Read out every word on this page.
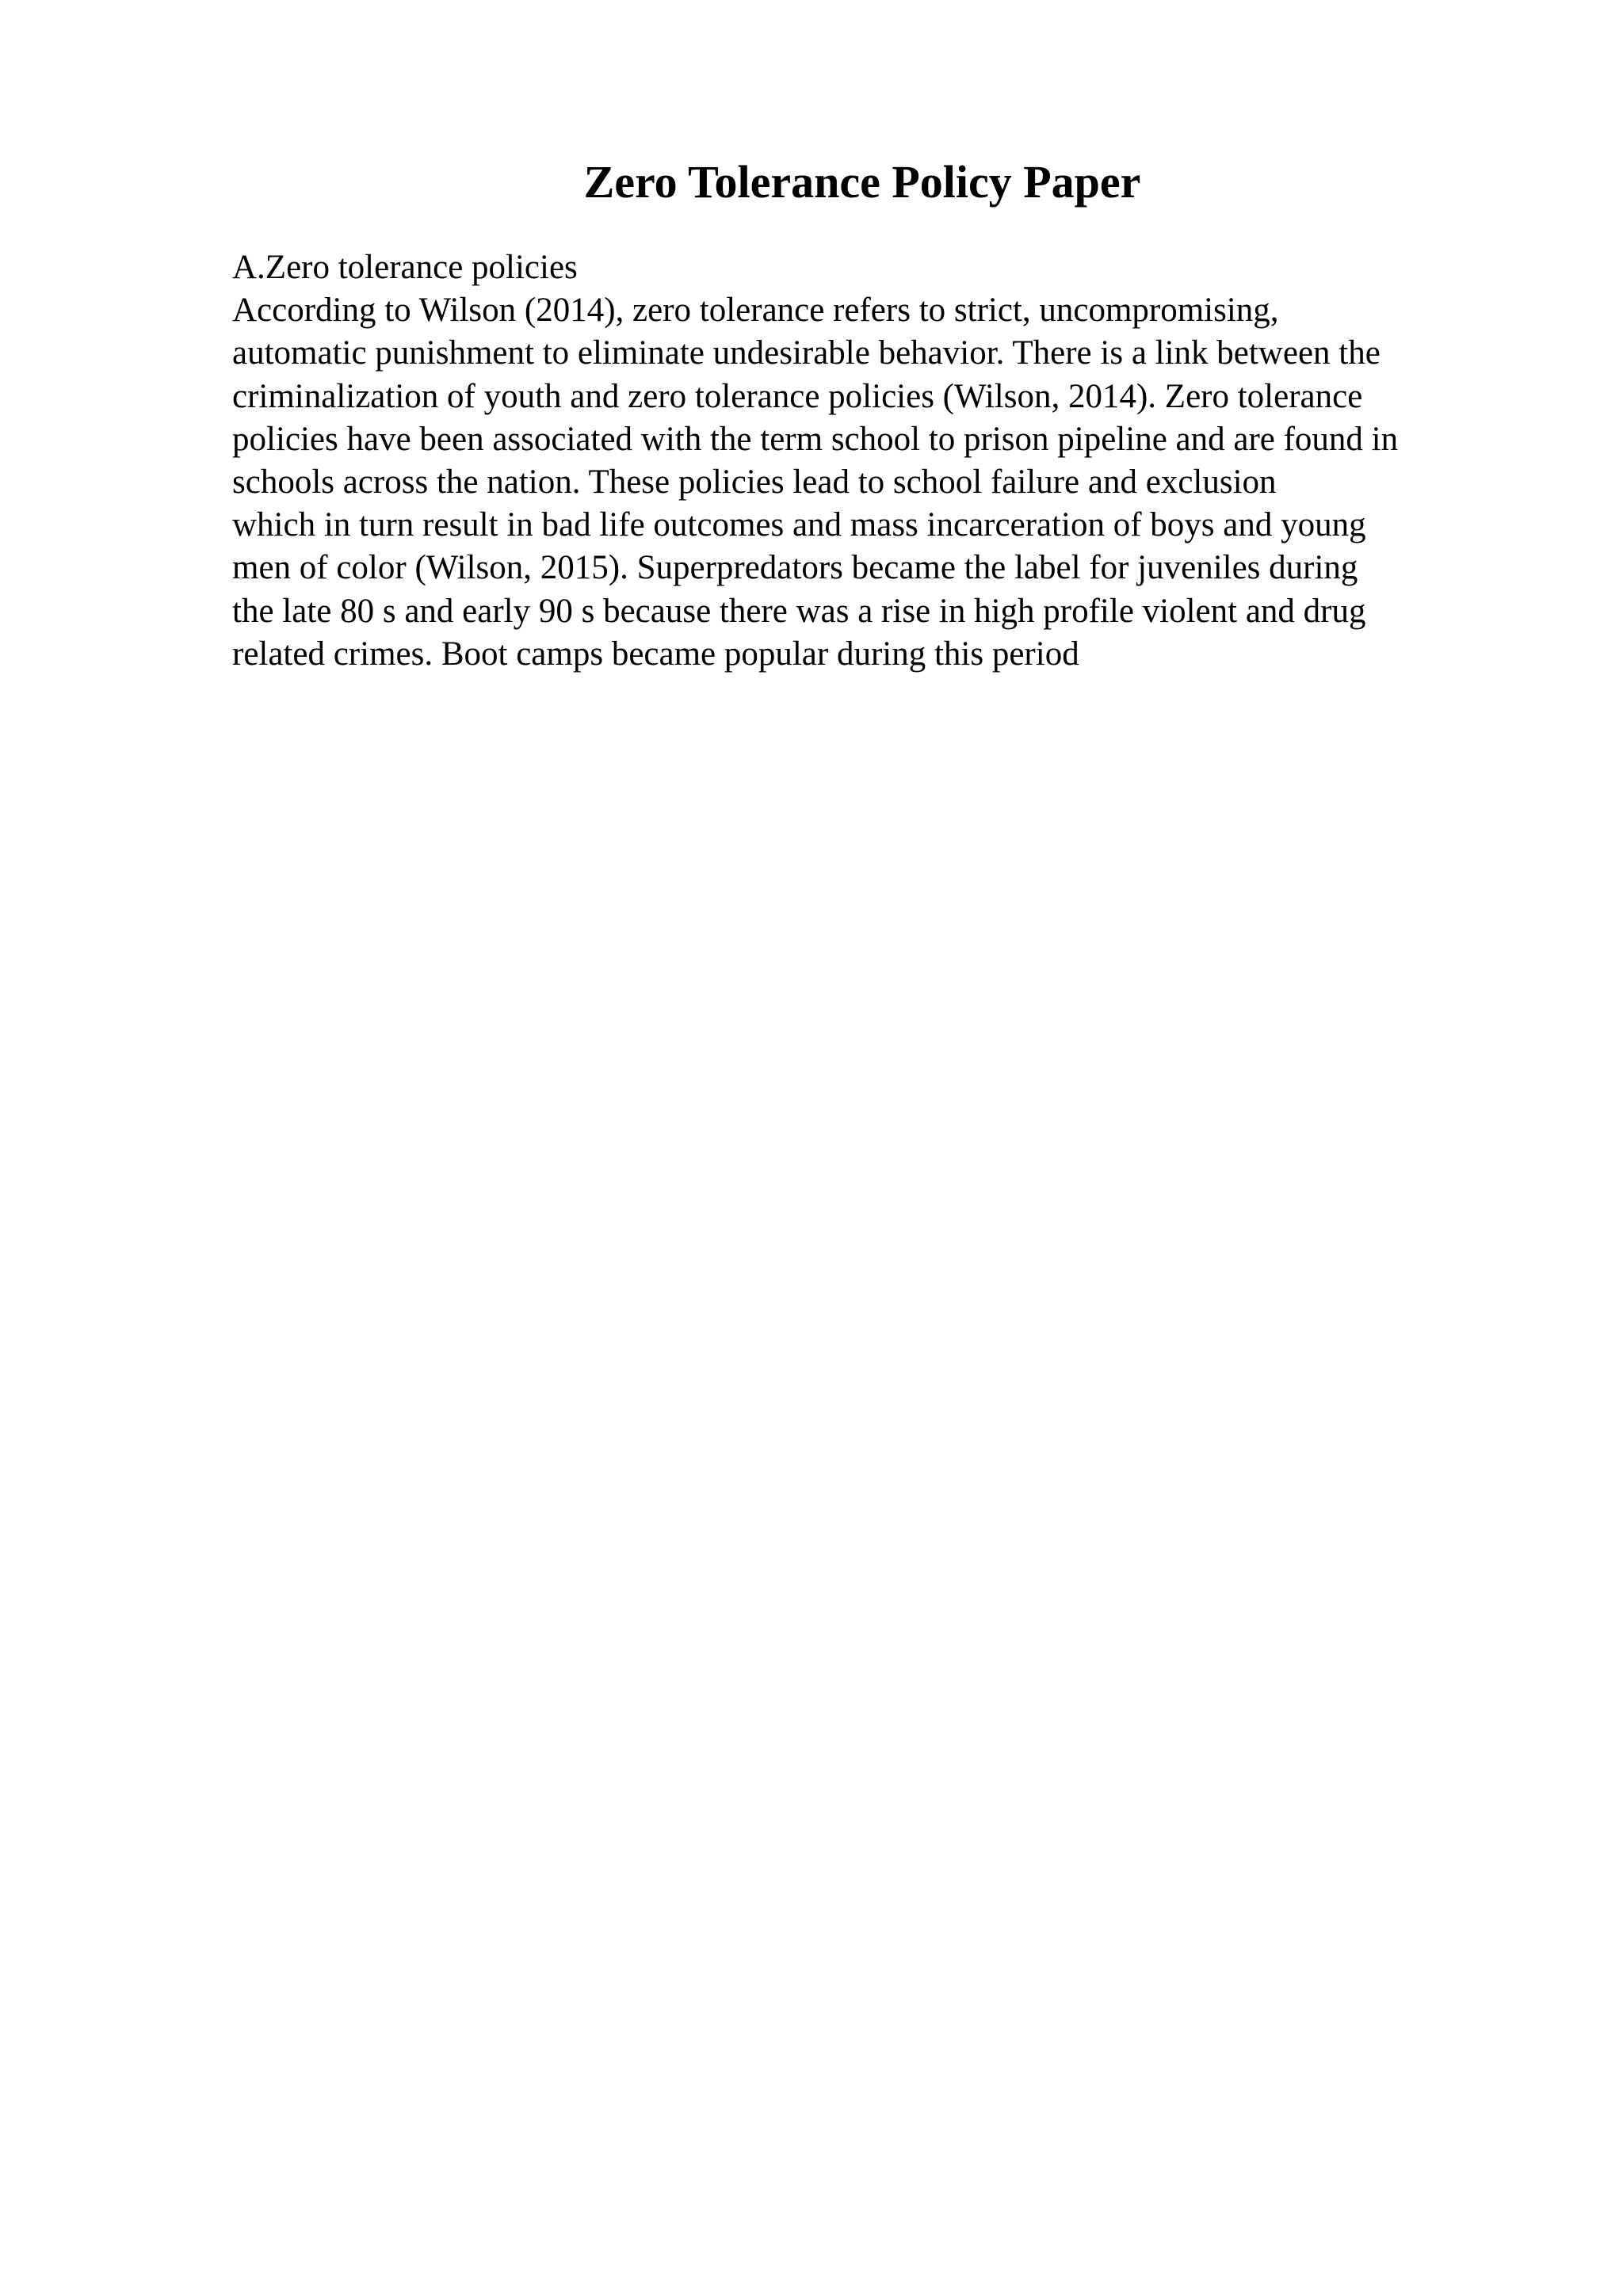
Zero Tolerance Policy Paper
A.Zero tolerance policies
According to Wilson (2014), zero tolerance refers to strict, uncompromising,
automatic punishment to eliminate undesirable behavior. There is a link between the
criminalization of youth and zero tolerance policies (Wilson, 2014). Zero tolerance
policies have been associated with the term school to prison pipeline and are found in
schools across the nation. These policies lead to school failure and exclusion
which in turn result in bad life outcomes and mass incarceration of boys and young
men of color (Wilson, 2015). Superpredators became the label for juveniles during
the late 80 s and early 90 s because there was a rise in high profile violent and drug
related crimes. Boot camps became popular during this period
